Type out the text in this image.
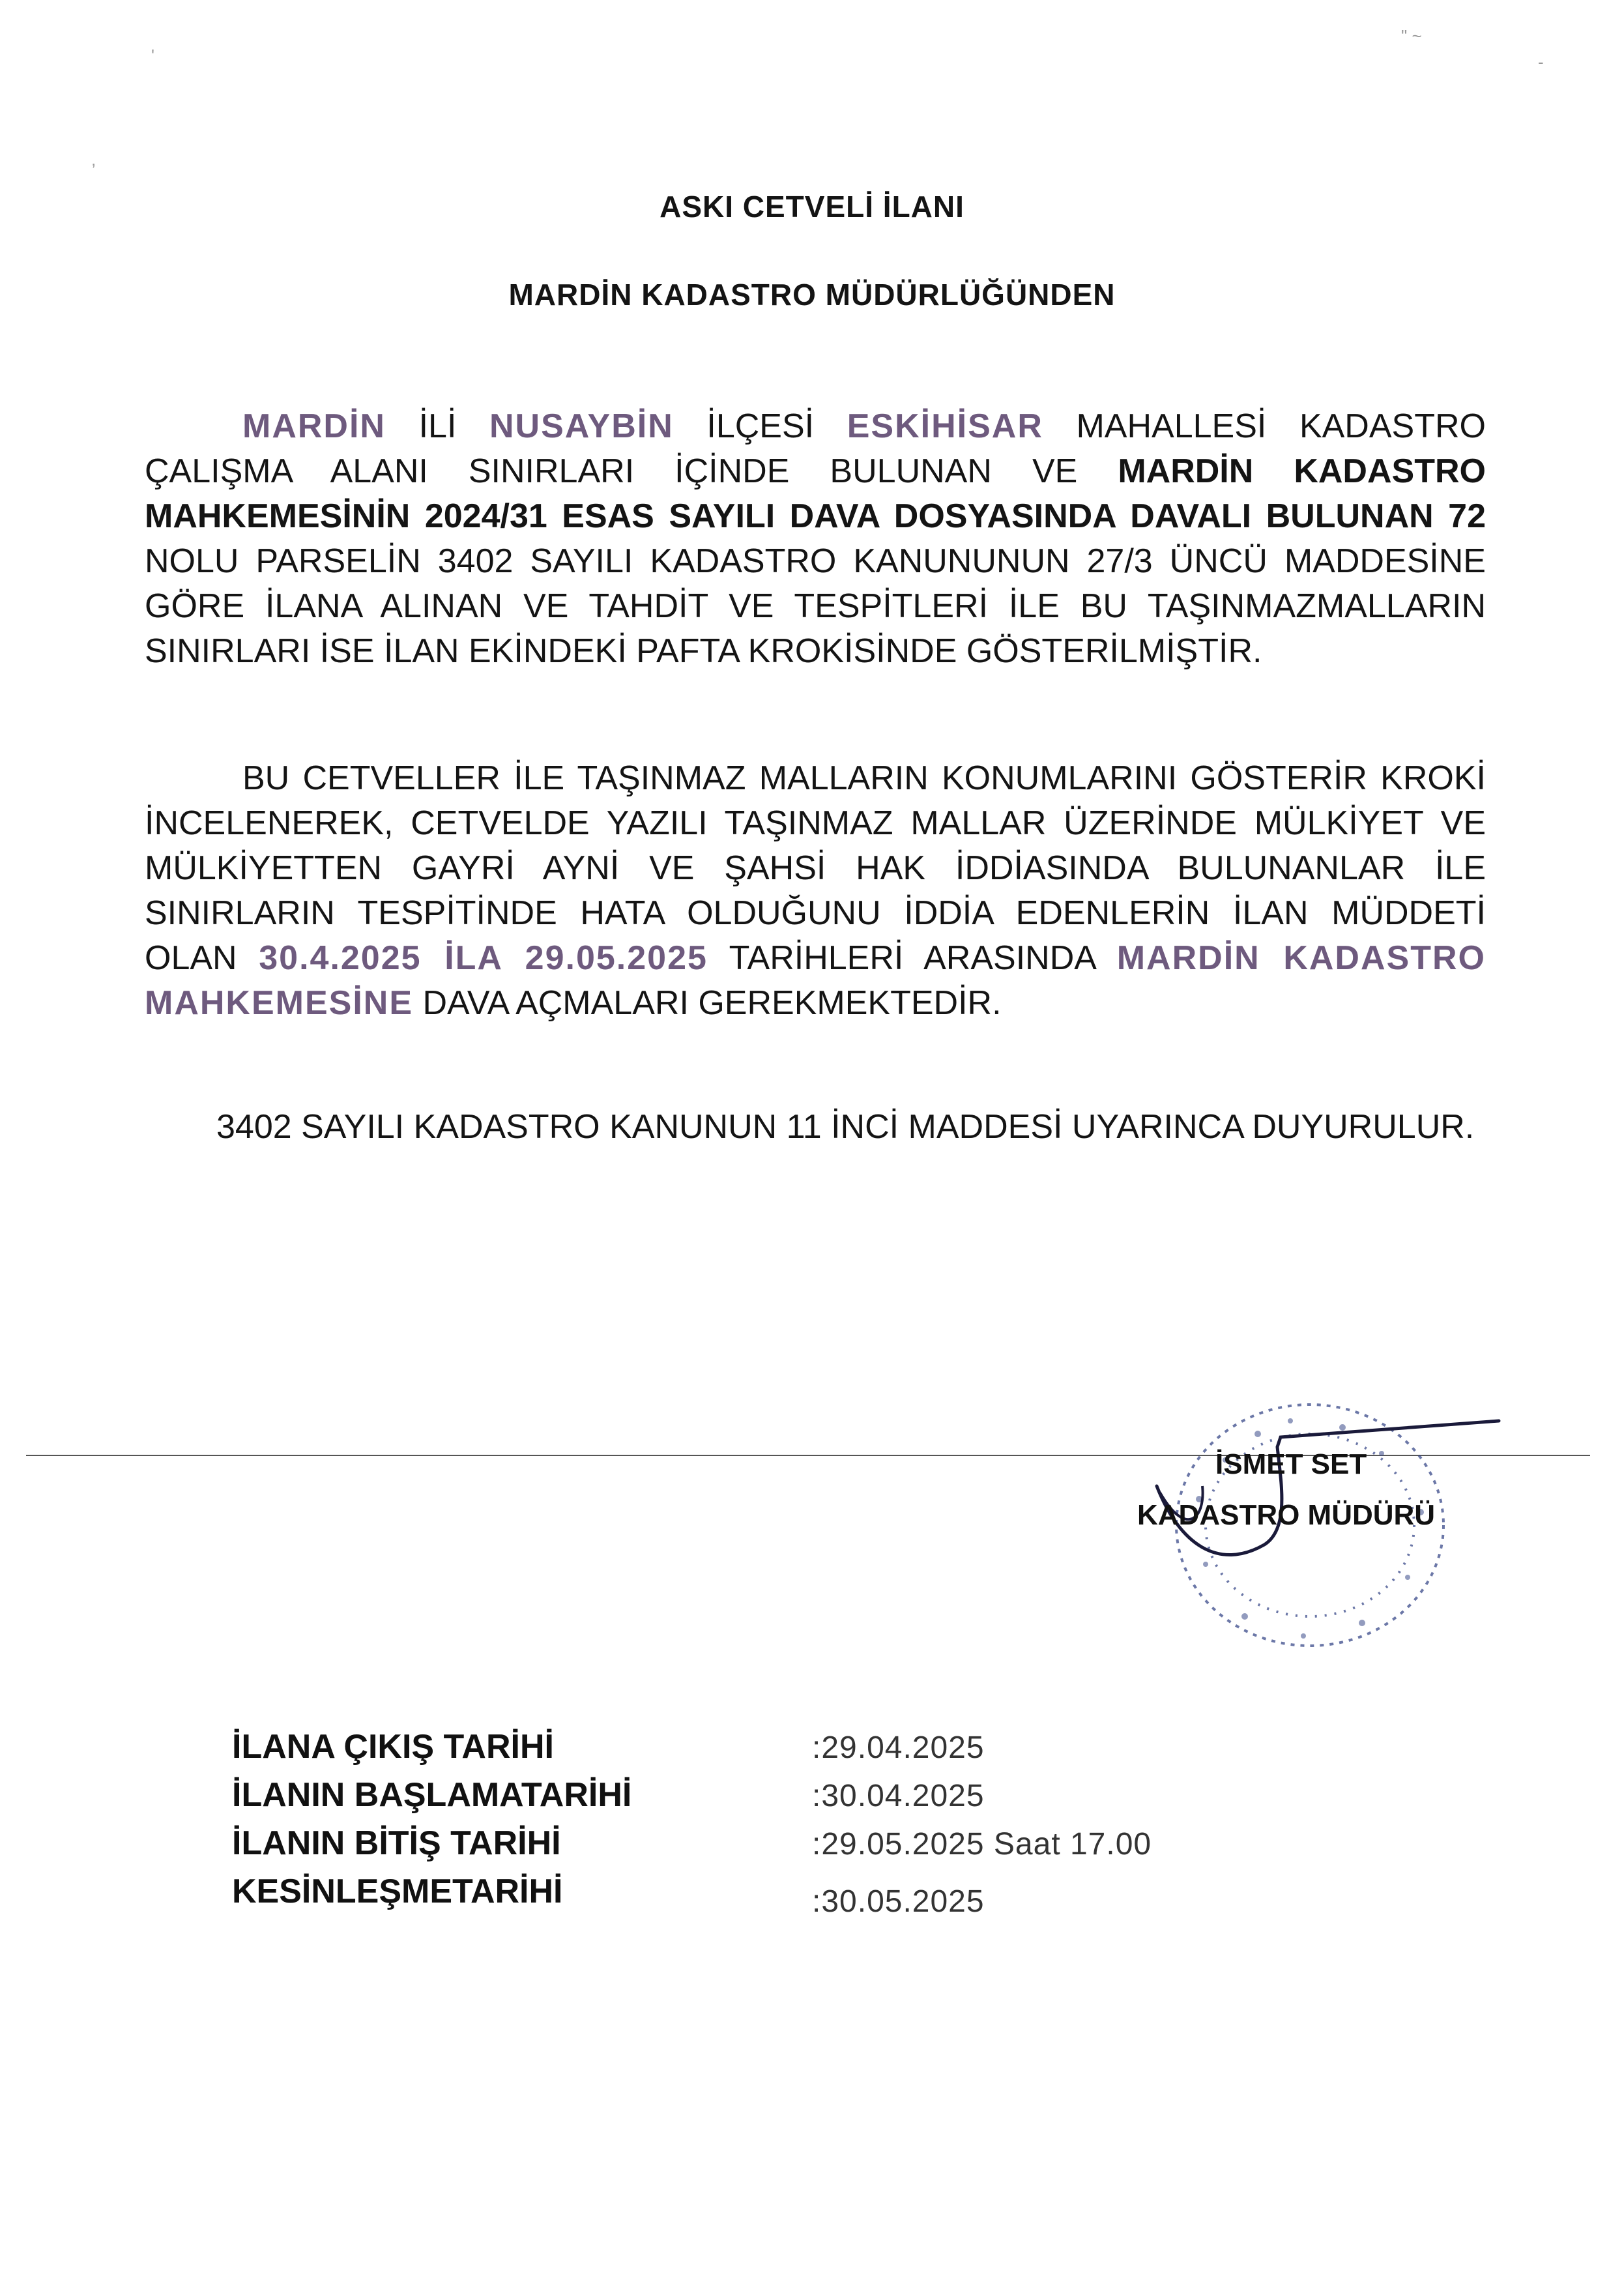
'
" ~
-
,
ASKI CETVELİ İLANI
MARDİN KADASTRO MÜDÜRLÜĞÜNDEN
MARDİN İLİ NUSAYBİN İLÇESİ ESKİHİSAR MAHALLESİ KADASTRO ÇALIŞMA ALANI SINIRLARI İÇİNDE BULUNAN VE MARDİN KADASTRO MAHKEMESİNİN 2024/31 ESAS SAYILI DAVA DOSYASINDA DAVALI BULUNAN 72 NOLU PARSELİN 3402 SAYILI KADASTRO KANUNUNUN 27/3 ÜNCÜ MADDESİNE GÖRE İLANA ALINAN VE TAHDİT VE TESPİTLERİ İLE BU TAŞINMAZMALLARIN SINIRLARI İSE İLAN EKİNDEKİ PAFTA KROKİSİNDE GÖSTERİLMİŞTİR.
BU CETVELLER İLE TAŞINMAZ MALLARIN KONUMLARINI GÖSTERİR KROKİ İNCELENEREK, CETVELDE YAZILI TAŞINMAZ MALLAR ÜZERİNDE MÜLKİYET VE MÜLKİYETTEN GAYRİ AYNİ VE ŞAHSİ HAK İDDİASINDA BULUNANLAR İLE SINIRLARIN TESPİTİNDE HATA OLDUĞUNU İDDİA EDENLERİN İLAN MÜDDETİ OLAN 30.4.2025 İLA 29.05.2025 TARİHLERİ ARASINDA MARDİN KADASTRO MAHKEMESİNE DAVA AÇMALARI GEREKMEKTEDİR.
3402 SAYILI KADASTRO KANUNUN 11 İNCİ MADDESİ UYARINCA DUYURULUR.
İSMET SET
KADASTRO MÜDÜRÜ
İLANA ÇIKIŞ TARİHİ	:29.04.2025
İLANIN BAŞLAMATARİHİ	:30.04.2025
İLANIN BİTİŞ TARİHİ	:29.05.2025 Saat 17.00
KESİNLEŞMETARİHİ	:30.05.2025
